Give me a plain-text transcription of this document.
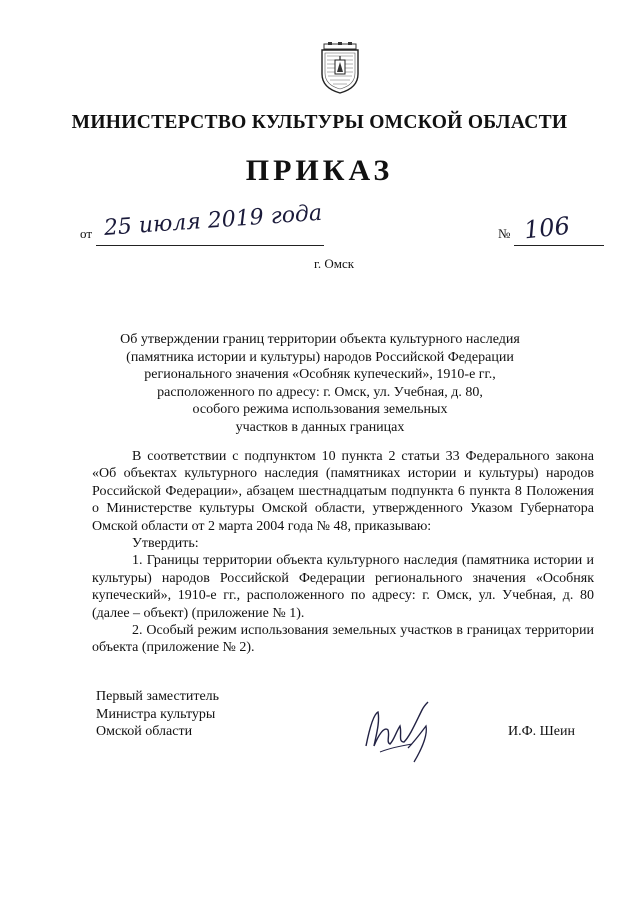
МИНИСТЕРСТВО КУЛЬТУРЫ ОМСКОЙ ОБЛАСТИ
ПРИКАЗ
от 25 июля 2019 года	№ 106
г. Омск
Об утверждении границ территории объекта культурного наследия
(памятника истории и культуры) народов Российской Федерации
регионального значения «Особняк купеческий», 1910-е гг.,
расположенного по адресу: г. Омск, ул. Учебная, д. 80,
особого режима использования земельных
участков в данных границах

В соответствии с подпунктом 10 пункта 2 статьи 33 Федерального закона «Об объектах культурного наследия (памятниках истории и культуры) народов Российской Федерации», абзацем шестнадцатым подпункта 6 пункта 8 Положения о Министерстве культуры Омской области, утвержденного Указом Губернатора Омской области от 2 марта 2004 года № 48, приказываю:

Утвердить:

1. Границы территории объекта культурного наследия (памятника истории и культуры) народов Российской Федерации регионального значения «Особняк купеческий», 1910-е гг., расположенного по адресу: г. Омск, ул. Учебная, д. 80 (далее – объект) (приложение № 1).

2. Особый режим использования земельных участков в границах территории объекта (приложение № 2).

Первый заместитель
Министра культуры
Омской области	И.Ф. Шеин
